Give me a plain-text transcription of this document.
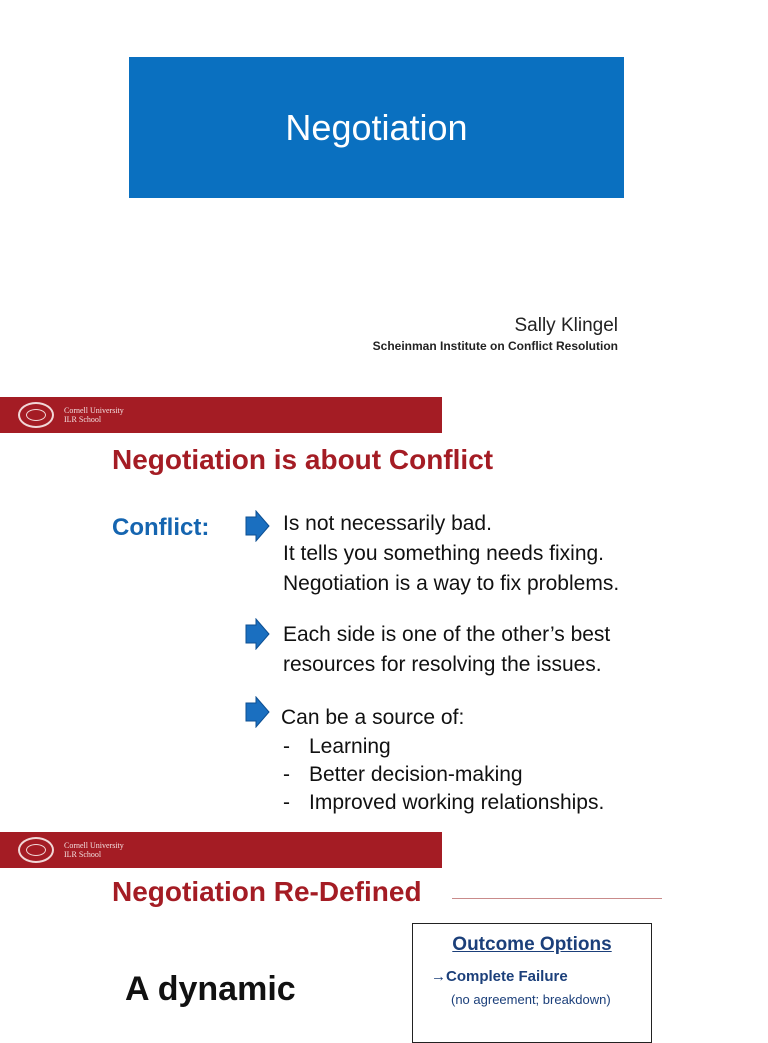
Negotiation
Sally Klingel
Scheinman Institute on Conflict Resolution
Cornell University
ILR School
Negotiation is about Conflict
Conflict:	Is not necessarily bad.
It tells you something needs fixing.
Negotiation is a way to fix problems.
Each side is one of the other’s best
resources for resolving the issues.
Can be a source of:
- Learning
- Better decision-making
- Improved working relationships.
Cornell University
ILR School
Negotiation Re-Defined
A dynamic
Outcome Options
→Complete Failure
(no agreement; breakdown)
